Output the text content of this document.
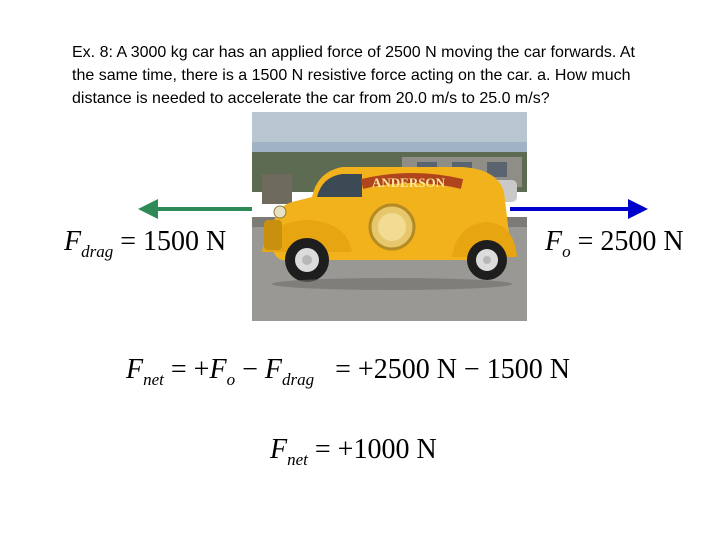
Ex. 8: A 3000 kg car has an applied force of 2500 N moving the car forwards. At the same time, there is a 1500 N resistive force acting on the car. a. How much distance is needed to accelerate the car from 20.0 m/s to 25.0 m/s?

ANDERSON
$F_{drag} = 1500$ N	$F_o = 2500$ N
$F_{net} = +F_o - F_{drag} = +2500$ N − 1500 N
$F_{net} = +1000$ N
